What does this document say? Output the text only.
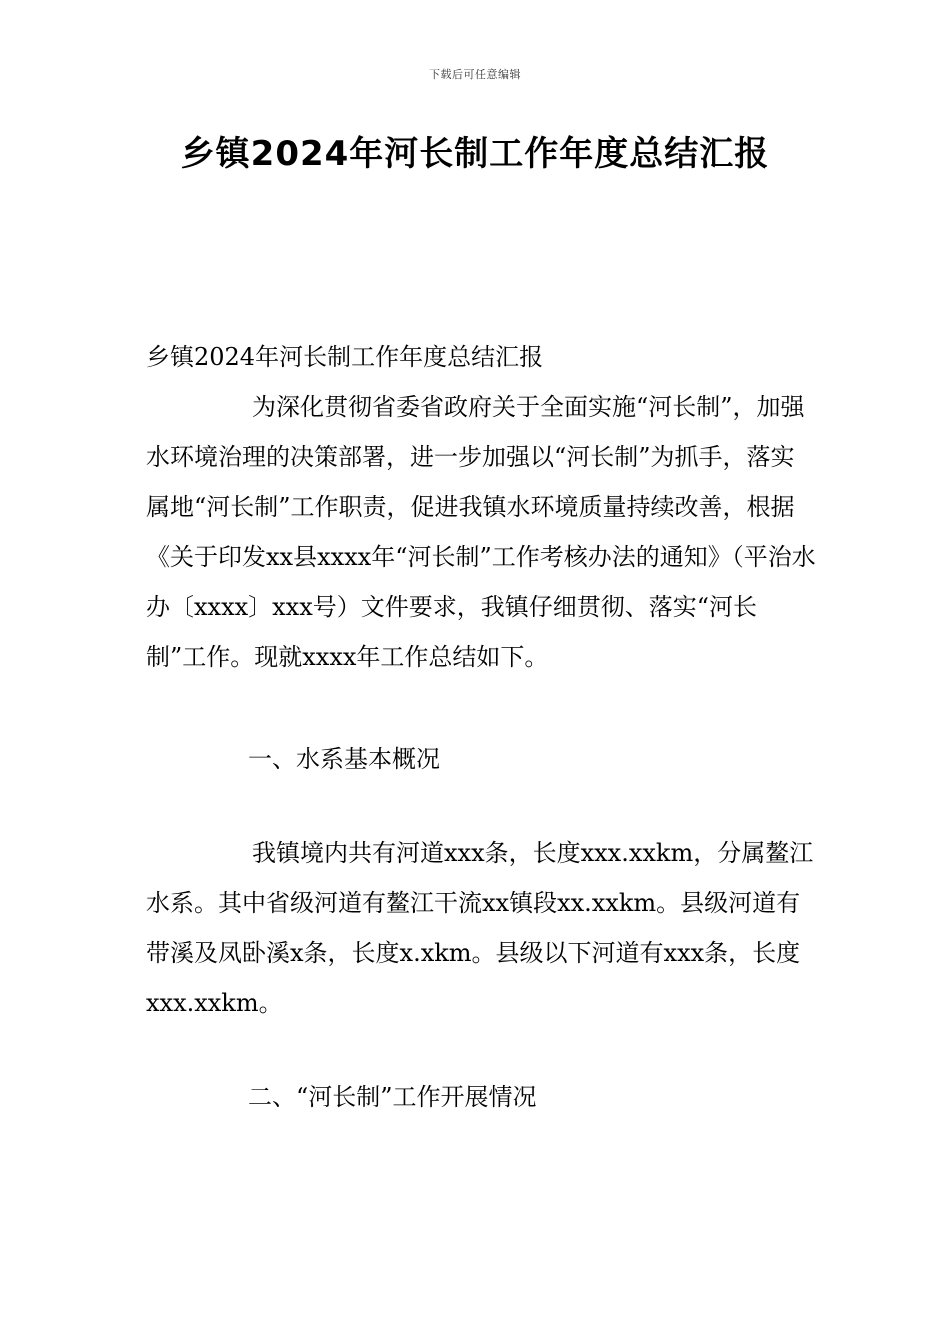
下载后可任意编辑
乡镇2024年河长制工作年度总结汇报

乡镇2024年河长制工作年度总结汇报

为深化贯彻省委省政府关于全面实施“河长制”，加强水环境治理的决策部署，进一步加强以“河长制”为抓手，落实属地“河长制”工作职责，促进我镇水环境质量持续改善，根据《关于印发xx县xxxx年“河长制”工作考核办法的通知》（平治水办〔xxxx〕xxx号）文件要求，我镇仔细贯彻、落实“河长制”工作。现就xxxx年工作总结如下。

一、水系基本概况

我镇境内共有河道xxx条，长度xxx.xxkm，分属鳌江水系。其中省级河道有鳌江干流xx镇段xx.xxkm。县级河道有带溪及凤卧溪x条，长度x.xkm。县级以下河道有xxx条，长度xxx.xxkm。

二、“河长制”工作开展情况
